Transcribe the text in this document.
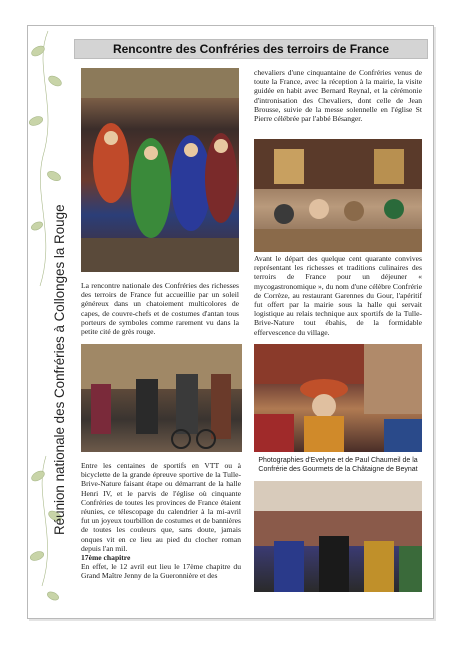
Réunion nationale des Confréries à Collonges la Rouge
Rencontre des Confréries des terroirs de France
La rencontre nationale des Confréries des richesses des terroirs de France fut accueillie par un soleil généreux dans un chatoiement multicolores de capes, de couvre-chefs et de costumes d'antan tous porteurs de symboles comme rarement vu dans la petite cité de grès rouge.
Entre les centaines de sportifs en VTT ou à bicyclette de la grande épreuve sportive de la Tulle-Brive-Nature faisant étape ou démarrant de la halle Henri IV, et le parvis de l'église où cinquante Confréries de toutes les provinces de France étaient réunies, ce télescopage du calendrier à la mi-avril fut un joyeux tourbillon de costumes et de bannières de toutes les couleurs que, sans doute, jamais onques vit en ce lieu au pied du clocher roman depuis l'an mil.
17ème chapitre
En effet, le 12 avril eut lieu le 17ème chapitre du Grand Maître Jenny de la Gueronnière et des
chevaliers d'une cinquantaine de Confréries venus de toute la France, avec la réception à la mairie, la visite guidée en habit avec Bernard Reynal, et la cérémonie d'intronisation des Chevaliers, dont celle de Jean Brousse, suivie de la messe solennelle en l'église St Pierre célébrée par l'abbé Bésanger.
Avant le départ des quelque cent quarante convives représentant les richesses et traditions culinaires des terroirs de France pour un déjeuner « mycogastronomique », du nom d'une célèbre Confrérie de Corrèze, au restaurant Garennes du Gour, l'apéritif fut offert par la mairie sous la halle qui servait logistique au relais technique aux sportifs de la Tulle-Brive-Nature tout ébahis, de la formidable effervescence du village.
Photographies d'Evelyne et de Paul Chaumeil de la Confrérie des Gourmets de la Châtaigne de Beynat
